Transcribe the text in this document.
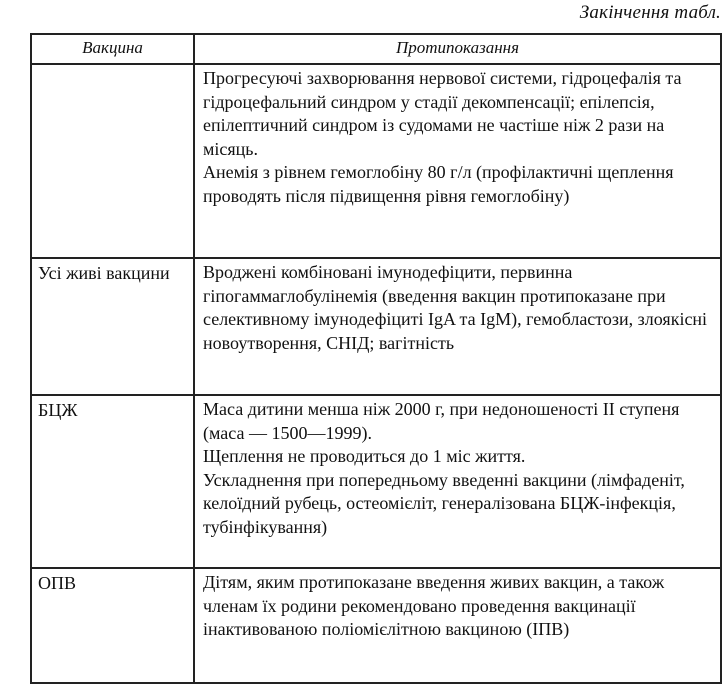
Закінчення табл.
Вакцина	Протипоказання

	Прогресуючі захворювання нервової системи, гідроцефалія та гідроцефальний синдром у стадії декомпенсації; епілепсія, епілептичний синдром із судомами не частіше ніж 2 рази на місяць.

Анемія з рівнем гемоглобіну 80 г/л (профілактичні щеплення проводять після підвищення рівня гемоглобіну)

Усі живі вакцини	Вроджені комбіновані імунодефіцити, первинна гіпогаммаглобулінемія (введення вакцин протипоказане при селективному імунодефіциті IgA та IgM), гемобластози, злоякісні новоутворення, СНІД; вагітність

БЦЖ	Маса дитини менша ніж 2000 г, при недоношеності II ступеня (маса — 1500—1999).

Щеплення не проводиться до 1 міс життя.

Ускладнення при попередньому введенні вакцини (лімфаденіт, келоїдний рубець, остеомієліт, генералізована БЦЖ-інфекція, тубінфікування)

ОПВ	Дітям, яким протипоказане введення живих вакцин, а також членам їх родини рекомендовано проведення вакцинації інактивованою поліомієлітною вакциною (ІПВ)
